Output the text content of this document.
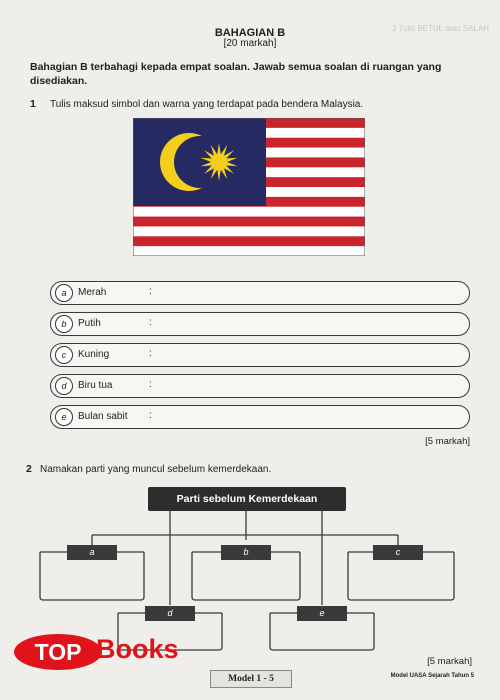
3 Tulis BETUL atau SALAH
BAHAGIAN B
[20 markah]
Bahagian B terbahagi kepada empat soalan. Jawab semua soalan di ruangan yang disediakan.
1 Tulis maksud simbol dan warna yang terdapat pada bendera Malaysia.
a	Merah	:
b	Putih	:
c	Kuning	:
d	Biru tua	:
e	Bulan sabit :
[5 markah]
2 Namakan parti yang muncul sebelum kemerdekaan.
Parti sebelum Kemerdekaan
a	b	c
d	e
[5 markah]
TOP Books
Model 1 - 5	Model UASA Sejarah Tahun 5
